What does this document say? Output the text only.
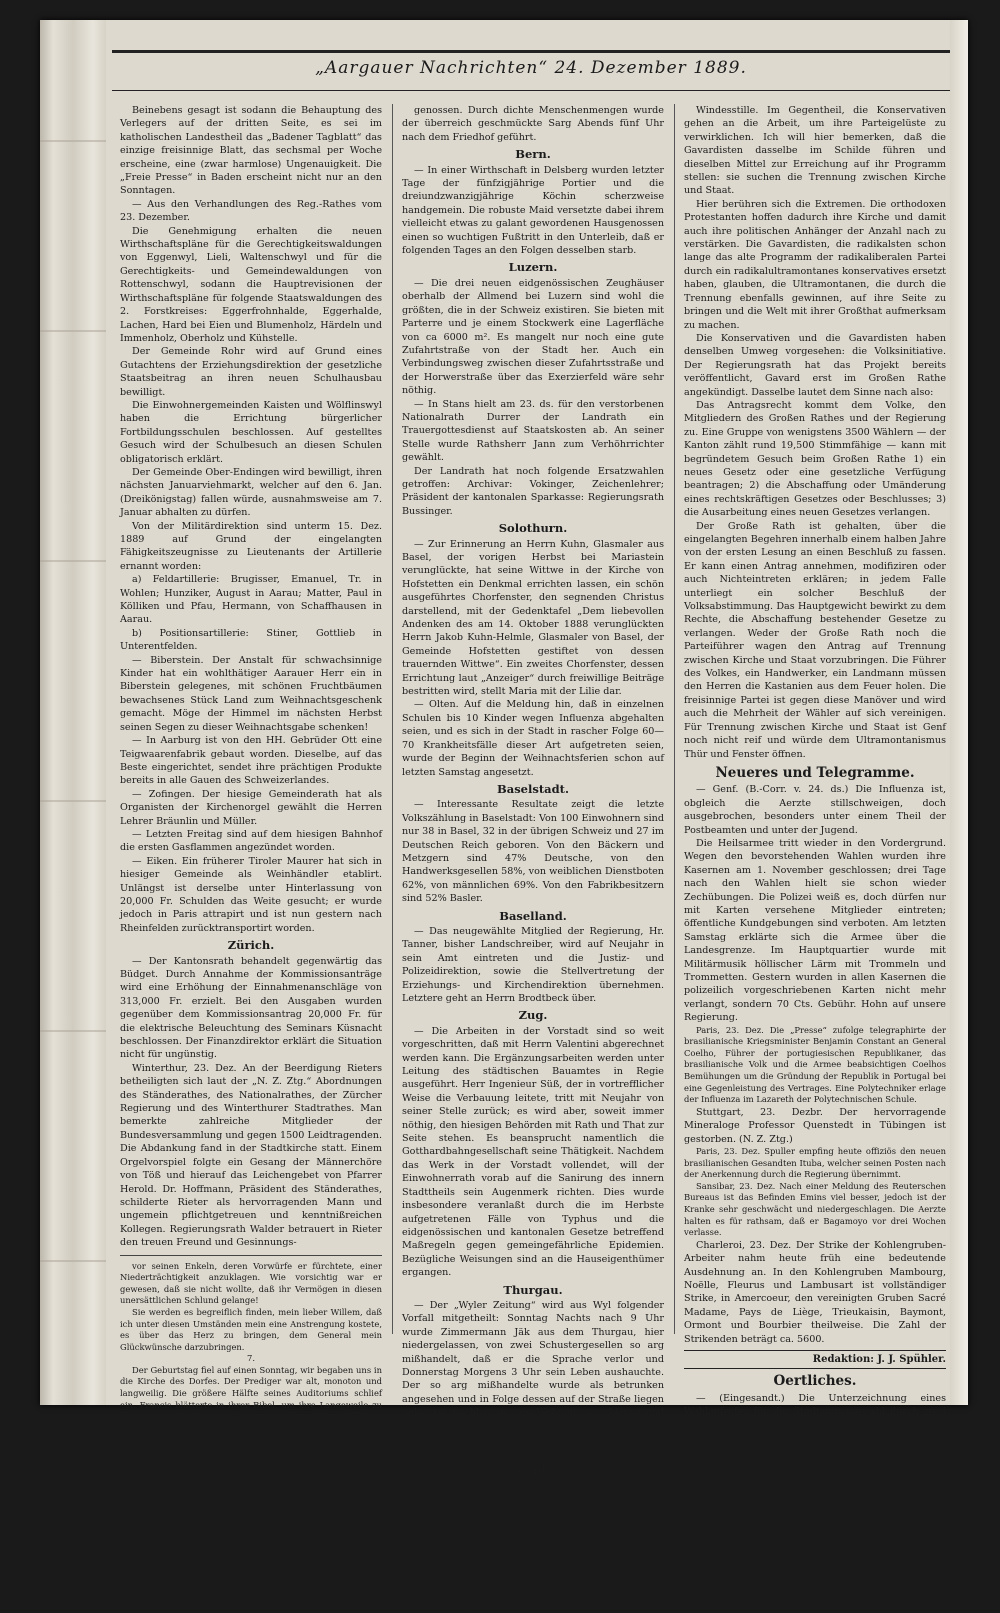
„Aargauer Nachrichten“ 24. Dezember 1889.

Beinebens gesagt ist sodann die Behauptung des Verlegers auf der dritten Seite, es sei im katholischen Landestheil das „Badener Tagblatt“ das einzige freisinnige Blatt, das sechsmal per Woche erscheine, eine (zwar harmlose) Ungenauigkeit. Die „Freie Presse“ in Baden erscheint nicht nur an den Sonntagen.

— Aus den Verhandlungen des Reg.-Rathes vom 23. Dezember.

Die Genehmigung erhalten die neuen Wirthschaftspläne für die Gerechtigkeitswaldungen von Eggenwyl, Lieli, Waltenschwyl und für die Gerechtigkeits- und Gemeindewaldungen von Rottenschwyl, sodann die Hauptrevisionen der Wirthschaftspläne für folgende Staatswaldungen des 2. Forstkreises: Eggerfrohnhalde, Eggerhalde, Lachen, Hard bei Eien und Blumenholz, Härdeln und Immenholz, Oberholz und Kühstelle.

Der Gemeinde Rohr wird auf Grund eines Gutachtens der Erziehungsdirektion der gesetzliche Staatsbeitrag an ihren neuen Schulhausbau bewilligt.

Die Einwohnergemeinden Kaisten und Wölflinswyl haben die Errichtung bürgerlicher Fortbildungsschulen beschlossen. Auf gestelltes Gesuch wird der Schulbesuch an diesen Schulen obligatorisch erklärt.

Der Gemeinde Ober-Endingen wird bewilligt, ihren nächsten Januarviehmarkt, welcher auf den 6. Jan. (Dreikönigstag) fallen würde, ausnahmsweise am 7. Januar abhalten zu dürfen.

Von der Militärdirektion sind unterm 15. Dez. 1889 auf Grund der eingelangten Fähigkeitszeugnisse zu Lieutenants der Artillerie ernannt worden:

a) Feldartillerie: Brugisser, Emanuel, Tr. in Wohlen; Hunziker, August in Aarau; Matter, Paul in Kölliken und Pfau, Hermann, von Schaffhausen in Aarau.

b) Positionsartillerie: Stiner, Gottlieb in Unterentfelden.

— Biberstein. Der Anstalt für schwachsinnige Kinder hat ein wohlthätiger Aarauer Herr ein in Biberstein gelegenes, mit schönen Fruchtbäumen bewachsenes Stück Land zum Weihnachtsgeschenk gemacht. Möge der Himmel im nächsten Herbst seinen Segen zu dieser Weihnachtsgabe schenken!

— In Aarburg ist von den HH. Gebrüder Ott eine Teigwaarenfabrik gebaut worden. Dieselbe, auf das Beste eingerichtet, sendet ihre prächtigen Produkte bereits in alle Gauen des Schweizerlandes.

— Zofingen. Der hiesige Gemeinderath hat als Organisten der Kirchenorgel gewählt die Herren Lehrer Bräunlin und Müller.

— Letzten Freitag sind auf dem hiesigen Bahnhof die ersten Gasflammen angezündet worden.

— Eiken. Ein früherer Tiroler Maurer hat sich in hiesiger Gemeinde als Weinhändler etablirt. Unlängst ist derselbe unter Hinterlassung von 20,000 Fr. Schulden das Weite gesucht; er wurde jedoch in Paris attrapirt und ist nun gestern nach Rheinfelden zurücktransportirt worden.

Zürich.

— Der Kantonsrath behandelt gegenwärtig das Büdget. Durch Annahme der Kommissionsanträge wird eine Erhöhung der Einnahmenanschläge von 313,000 Fr. erzielt. Bei den Ausgaben wurden gegenüber dem Kommissionsantrag 20,000 Fr. für die elektrische Beleuchtung des Seminars Küsnacht beschlossen. Der Finanzdirektor erklärt die Situation nicht für ungünstig.

Winterthur, 23. Dez. An der Beerdigung Rieters betheiligten sich laut der „N. Z. Ztg.“ Abordnungen des Ständerathes, des Nationalrathes, der Zürcher Regierung und des Winterthurer Stadtrathes. Man bemerkte zahlreiche Mitglieder der Bundesversammlung und gegen 1500 Leidtragenden. Die Abdankung fand in der Stadtkirche statt. Einem Orgelvorspiel folgte ein Gesang der Männerchöre von Töß und hierauf das Leichengebet von Pfarrer Herold. Dr. Hoffmann, Präsident des Ständerathes, schilderte Rieter als hervorragenden Mann und ungemein pflichtgetreuen und kenntnißreichen Kollegen. Regierungsrath Walder betrauert in Rieter den treuen Freund und Gesinnungs-

vor seinen Enkeln, deren Vorwürfe er fürchtete, einer Niederträchtigkeit anzuklagen. Wie vorsichtig war er gewesen, daß sie nicht wollte, daß ihr Vermögen in diesen unersättlichen Schlund gelange!

Sie werden es begreiflich finden, mein lieber Willem, daß ich unter diesen Umständen mein eine Anstrengung kostete, es über das Herz zu bringen, dem General mein Glückwünsche darzubringen.

7.

Der Geburtstag fiel auf einen Sonntag, wir begaben uns in die Kirche des Dorfes. Der Prediger war alt, monoton und langweilig. Die größere Hälfte seines Auditoriums schlief ein. Francis blätterte in ihrer Bibel, um ihre Langeweile zu bemeistern. Die Anwesenden, die nicht schliefen, blickten auf uns, die wir uns im Chor befanden.

Bei unserer Rückkehr begann das Fest. Der Schullehrer kam mit seinen Schülern, welche Gedichte rezitirten, in welchen der Baron als Patron und Protektor der Schule, um die er sich übrigens wenig oder gar nicht kümmerte, gelobt wurde. Wir waren gerührt. Man wird es sein, wenn man die verschiedenen Generationen von Schloßbesitzern und Pächtern sieht. Hierauf kamen die Pächter, welche den General immer noch ihren Herrn nannten, dann die Arbeiter, dann die Dorfbewohner. Alle diese Leute wurden mit Chocolade und Kuchen bewirthet. Nun erschien der Bürgermeister; es war ein Halbbauer, der meinen Gatten mehr Aufmerksamkeit schenkte, als dem General, frischweg, besonders hinter seinem Rücken. Alles blieb leer, auf die neugierige Jugend auch hinter mir ein Geheimniß, daß seine Neugierde reizte.

genossen. Durch dichte Menschenmengen wurde der überreich geschmückte Sarg Abends fünf Uhr nach dem Friedhof geführt.

Bern.

— In einer Wirthschaft in Delsberg wurden letzter Tage der fünfzigjährige Portier und die dreiundzwanzigjährige Köchin scherzweise handgemein. Die robuste Maid versetzte dabei ihrem vielleicht etwas zu galant gewordenen Hausgenossen einen so wuchtigen Fußtritt in den Unterleib, daß er folgenden Tages an den Folgen desselben starb.

Luzern.

— Die drei neuen eidgenössischen Zeughäuser oberhalb der Allmend bei Luzern sind wohl die größten, die in der Schweiz existiren. Sie bieten mit Parterre und je einem Stockwerk eine Lagerfläche von ca 6000 m². Es mangelt nur noch eine gute Zufahrtstraße von der Stadt her. Auch ein Verbindungsweg zwischen dieser Zufahrtsstraße und der Horwerstraße über das Exerzierfeld wäre sehr nöthig.

— In Stans hielt am 23. ds. für den verstorbenen Nationalrath Durrer der Landrath ein Trauergottesdienst auf Staatskosten ab. An seiner Stelle wurde Rathsherr Jann zum Verhöhrrichter gewählt.

Der Landrath hat noch folgende Ersatzwahlen getroffen: Archivar: Vokinger, Zeichenlehrer; Präsident der kantonalen Sparkasse: Regierungsrath Bussinger.

Solothurn.

— Zur Erinnerung an Herrn Kuhn, Glasmaler aus Basel, der vorigen Herbst bei Mariastein verunglückte, hat seine Wittwe in der Kirche von Hofstetten ein Denkmal errichten lassen, ein schön ausgeführtes Chorfenster, den segnenden Christus darstellend, mit der Gedenktafel „Dem liebevollen Andenken des am 14. Oktober 1888 verunglückten Herrn Jakob Kuhn-Helmle, Glasmaler von Basel, der Gemeinde Hofstetten gestiftet von dessen trauernden Wittwe“. Ein zweites Chorfenster, dessen Errichtung laut „Anzeiger“ durch freiwillige Beiträge bestritten wird, stellt Maria mit der Lilie dar.

— Olten. Auf die Meldung hin, daß in einzelnen Schulen bis 10 Kinder wegen Influenza abgehalten seien, und es sich in der Stadt in rascher Folge 60—70 Krankheitsfälle dieser Art aufgetreten seien, wurde der Beginn der Weihnachtsferien schon auf letzten Samstag angesetzt.

Baselstadt.

— Interessante Resultate zeigt die letzte Volkszählung in Baselstadt: Von 100 Einwohnern sind nur 38 in Basel, 32 in der übrigen Schweiz und 27 im Deutschen Reich geboren. Von den Bäckern und Metzgern sind 47% Deutsche, von den Handwerksgesellen 58%, von weiblichen Dienstboten 62%, von männlichen 69%. Von den Fabrikbesitzern sind 52% Basler.

Baselland.

— Das neugewählte Mitglied der Regierung, Hr. Tanner, bisher Landschreiber, wird auf Neujahr in sein Amt eintreten und die Justiz- und Polizeidirektion, sowie die Stellvertretung der Erziehungs- und Kirchendirektion übernehmen. Letztere geht an Herrn Brodtbeck über.

Zug.

— Die Arbeiten in der Vorstadt sind so weit vorgeschritten, daß mit Herrn Valentini abgerechnet werden kann. Die Ergänzungsarbeiten werden unter Leitung des städtischen Bauamtes in Regie ausgeführt. Herr Ingenieur Süß, der in vortrefflicher Weise die Verbauung leitete, tritt mit Neujahr von seiner Stelle zurück; es wird aber, soweit immer nöthig, den hiesigen Behörden mit Rath und That zur Seite stehen. Es beansprucht namentlich die Gotthardbahngesellschaft seine Thätigkeit. Nachdem das Werk in der Vorstadt vollendet, will der Einwohnerrath vorab auf die Sanirung des innern Stadttheils sein Augenmerk richten. Dies wurde insbesondere veranlaßt durch die im Herbste aufgetretenen Fälle von Typhus und die eidgenössischen und kantonalen Gesetze betreffend Maßregeln gegen gemeingefährliche Epidemien. Bezügliche Weisungen sind an die Hauseigenthümer ergangen.

Thurgau.

— Der „Wyler Zeitung“ wird aus Wyl folgender Vorfall mitgetheilt: Sonntag Nachts nach 9 Uhr wurde Zimmermann Jäk aus dem Thurgau, hier niedergelassen, von zwei Schustergesellen so arg mißhandelt, daß er die Sprache verlor und Donnerstag Morgens 3 Uhr sein Leben aushauchte. Der so arg mißhandelte wurde als betrunken angesehen und in Folge dessen auf der Straße liegen gelassen; nachher in sein Wohnung geschleppt und nach Verfluß von anderthalb Tagen (!) endlich der Arzt gerufen. Die beiden Schustergesellen sind verhaftet.

Genf.

— (B. Korr. vom 21. Dez.) Als die Führer der Konservativen Wahlkandidaten des Regierungsrathes waren, versprachen sie dem Volke, daß sie weise und wohlwollend regieren und die dringenden Volkswünsche erfüllen werden. Man erwartete unter ihrer Kontrolle eine Reform im Staatshaushalte. Aber und eine Finanzlage, hatten alle Taschen und Stiefel voll Pläne, um unsere finanzielle Lage zu verbessern und wieder ins Geleise zu bringen. Seit den Wahlen herrscht in dieser Richtung

Windesstille. Im Gegentheil, die Konservativen gehen an die Arbeit, um ihre Parteigelüste zu verwirklichen. Ich will hier bemerken, daß die Gavardisten dasselbe im Schilde führen und dieselben Mittel zur Erreichung auf ihr Programm stellen: sie suchen die Trennung zwischen Kirche und Staat.

Hier berühren sich die Extremen. Die orthodoxen Protestanten hoffen dadurch ihre Kirche und damit auch ihre politischen Anhänger der Anzahl nach zu verstärken. Die Gavardisten, die radikalsten schon lange das alte Programm der radikaliberalen Partei durch ein radikalultramontanes konservatives ersetzt haben, glauben, die Ultramontanen, die durch die Trennung ebenfalls gewinnen, auf ihre Seite zu bringen und die Welt mit ihrer Großthat aufmerksam zu machen.

Die Konservativen und die Gavardisten haben denselben Umweg vorgesehen: die Volksinitiative. Der Regierungsrath hat das Projekt bereits veröffentlicht, Gavard erst im Großen Rathe angekündigt. Dasselbe lautet dem Sinne nach also:

Das Antragsrecht kommt dem Volke, den Mitgliedern des Großen Rathes und der Regierung zu. Eine Gruppe von wenigstens 3500 Wählern — der Kanton zählt rund 19,500 Stimmfähige — kann mit begründetem Gesuch beim Großen Rathe 1) ein neues Gesetz oder eine gesetzliche Verfügung beantragen; 2) die Abschaffung oder Umänderung eines rechtskräftigen Gesetzes oder Beschlusses; 3) die Ausarbeitung eines neuen Gesetzes verlangen.

Der Große Rath ist gehalten, über die eingelangten Begehren innerhalb einem halben Jahre von der ersten Lesung an einen Beschluß zu fassen. Er kann einen Antrag annehmen, modifiziren oder auch Nichteintreten erklären; in jedem Falle unterliegt ein solcher Beschluß der Volksabstimmung. Das Hauptgewicht bewirkt zu dem Rechte, die Abschaffung bestehender Gesetze zu verlangen. Weder der Große Rath noch die Parteiführer wagen den Antrag auf Trennung zwischen Kirche und Staat vorzubringen. Die Führer des Volkes, ein Handwerker, ein Landmann müssen den Herren die Kastanien aus dem Feuer holen. Die freisinnige Partei ist gegen diese Manöver und wird auch die Mehrheit der Wähler auf sich vereinigen. Für Trennung zwischen Kirche und Staat ist Genf noch nicht reif und würde dem Ultramontanismus Thür und Fenster öffnen.

Neueres und Telegramme.

— Genf. (B.-Corr. v. 24. ds.) Die Influenza ist, obgleich die Aerzte stillschweigen, doch ausgebrochen, besonders unter einem Theil der Postbeamten und unter der Jugend.

Die Heilsarmee tritt wieder in den Vordergrund. Wegen den bevorstehenden Wahlen wurden ihre Kasernen am 1. November geschlossen; drei Tage nach den Wahlen hielt sie schon wieder Zechübungen. Die Polizei weiß es, doch dürfen nur mit Karten versehene Mitglieder eintreten; öffentliche Kundgebungen sind verboten. Am letzten Samstag erklärte sich die Armee über die Landesgrenze. Im Hauptquartier wurde mit Militärmusik höllischer Lärm mit Trommeln und Trommetten. Gestern wurden in allen Kasernen die polizeilich vorgeschriebenen Karten nicht mehr verlangt, sondern 70 Cts. Gebühr. Hohn auf unsere Regierung.

Paris, 23. Dez. Die „Presse“ zufolge telegraphirte der brasilianische Kriegsminister Benjamin Constant an General Coelho, Führer der portugiesischen Republikaner, das brasilianische Volk und die Armee beabsichtigen Coelhos Bemühungen um die Gründung der Republik in Portugal bei eine Gegenleistung des Vertrages. Eine Polytechniker erlage der Influenza im Lazareth der Polytechnischen Schule.

Stuttgart, 23. Dezbr. Der hervorragende Mineraloge Professor Quenstedt in Tübingen ist gestorben. (N. Z. Ztg.)

Paris, 23. Dez. Spuller empfing heute offiziös den neuen brasilianischen Gesandten Ituba, welcher seinen Posten nach der Anerkennung durch die Regierung übernimmt.

Sansibar, 23. Dez. Nach einer Meldung des Reuterschen Bureaus ist das Befinden Emins viel besser, jedoch ist der Kranke sehr geschwächt und niedergeschlagen. Die Aerzte halten es für rathsam, daß er Bagamoyo vor drei Wochen verlasse.

Charleroi, 23. Dez. Der Strike der Kohlengruben-Arbeiter nahm heute früh eine bedeutende Ausdehnung an. In den Kohlengruben Mambourg, Noëlle, Fleurus und Lambusart ist vollständiger Strike, in Amercoeur, den vereinigten Gruben Sacré Madame, Pays de Liège, Trieukaisin, Baymont, Ormont und Bourbier theilweise. Die Zahl der Strikenden beträgt ca. 5600.

Redaktion: J. J. Spühler.
Oertliches.

— (Eingesandt.) Die Unterzeichnung eines Wahlaufrufes für die Stadtammannwahl durch zwei frischgewählte Stadträthe macht hier böses Aufsehen. Man findet, in Anbetracht der gegebenen Verhältnissen hätten sich die betreffenden Herren doch mit Rücksicht auf den bisherigen Stadtammann und mit Rücksicht auf ihren noch unbekannten Präsidenten etwas Zurückhaltung auferlegen sollen. Protest oder wäre es ratsam, wenn Rathsmitgliedern in öffentlichen Wahlaufrufen für Kollegen Propaganda machen. Anderwärts wird man wenigstens ein gewisses Maß des Taktes in solchen Dingen beobachtet.
